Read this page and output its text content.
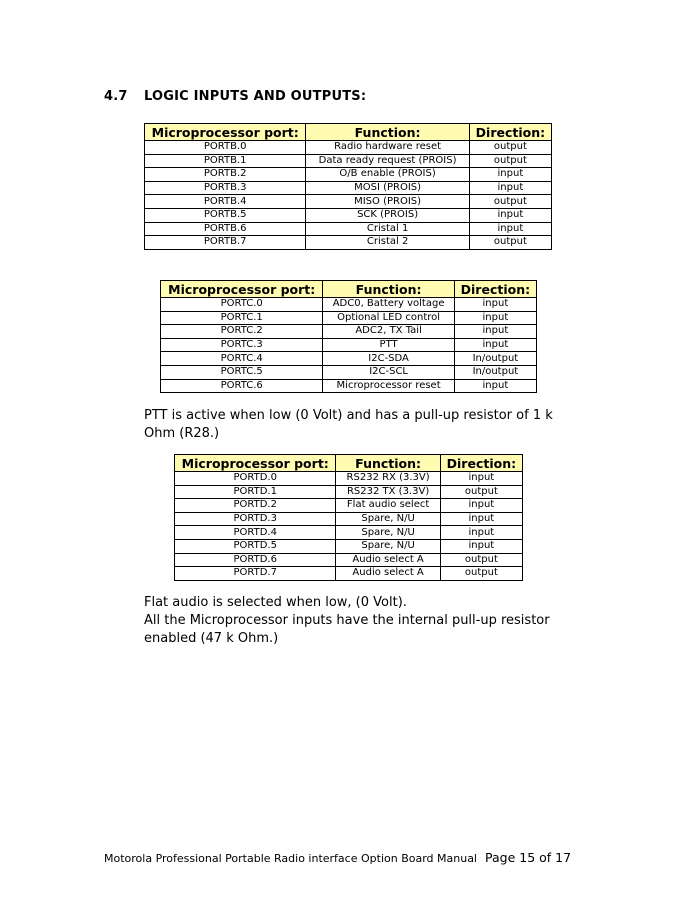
4.7 LOGIC INPUTS AND OUTPUTS:
Microprocessor port:	Function:	Direction:
PORTB.0	Radio hardware reset	output
PORTB.1	Data ready request (PROIS)	output
PORTB.2	O/B enable (PROIS)	input
PORTB.3	MOSI (PROIS)	input
PORTB.4	MISO (PROIS)	output
PORTB.5	SCK (PROIS)	input
PORTB.6	Cristal 1	input
PORTB.7	Cristal 2	output
Microprocessor port:	Function:	Direction:
PORTC.0	ADC0, Battery voltage	input
PORTC.1	Optional LED control	input
PORTC.2	ADC2, TX Tail	input
PORTC.3	PTT	input
PORTC.4	I2C-SDA	In/output
PORTC.5	I2C-SCL	In/output
PORTC.6	Microprocessor reset	input
PTT is active when low (0 Volt) and has a pull-up resistor of 1 k
Ohm (R28.)
Microprocessor port:	Function:	Direction:
PORTD.0	RS232 RX (3.3V)	input
PORTD.1	RS232 TX (3.3V)	output
PORTD.2	Flat audio select	input
PORTD.3	Spare, N/U	input
PORTD.4	Spare, N/U	input
PORTD.5	Spare, N/U	input
PORTD.6	Audio select A	output
PORTD.7	Audio select A	output
Flat audio is selected when low, (0 Volt).
All the Microprocessor inputs have the internal pull-up resistor
enabled (47 k Ohm.)
Motorola Professional Portable Radio interface Option Board Manual Page 15 of 17
